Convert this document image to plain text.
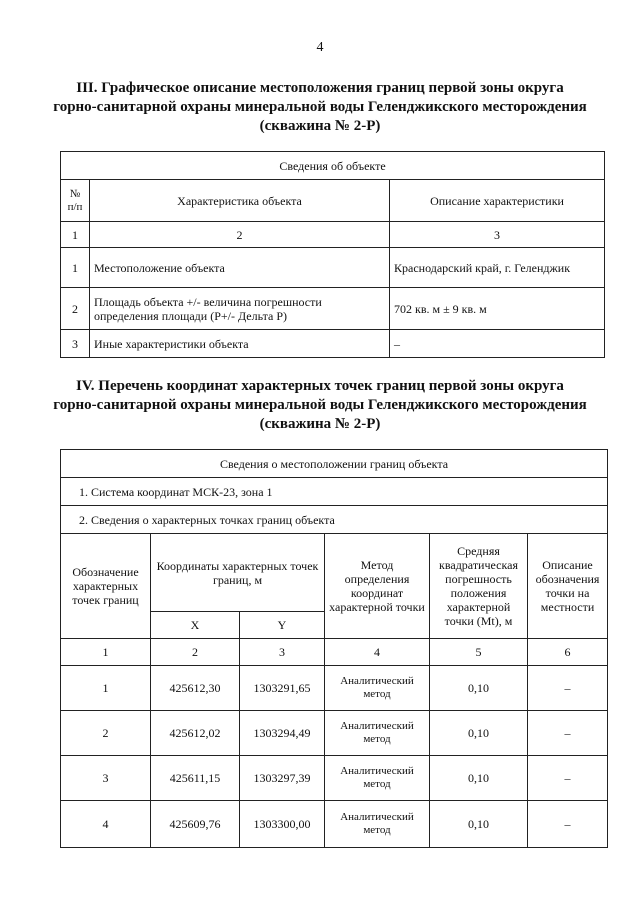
4
III. Графическое описание местоположения границ первой зоны округа
горно-санитарной охраны минеральной воды Геленджикского месторождения
(скважина № 2-Р)
Сведения об объекте		
№ п/п	Характеристика объекта	Описание характеристики
1	2	3
1	Местоположение объекта	Краснодарский край, г. Геленджик
2	Площадь объекта +/- величина погрешности определения площади (P+/- Дельта P)	702 кв. м ± 9 кв. м
3	Иные характеристики объекта	–
IV. Перечень координат характерных точек границ первой зоны округа
горно-санитарной охраны минеральной воды Геленджикского месторождения
(скважина № 2-Р)
Сведения о местоположении границ объекта					
1. Система координат МСК-23, зона 1					
2. Сведения о характерных точках границ объекта					
Обозначение характерных точек границ	Координаты характерных точек границ, м		Метод определения координат характерной точки	Средняя квадратическая погрешность положения характерной точки (Mt), м	Описание обозначения точки на местности
	X	Y			
1	2	3	4	5	6
1	425612,30	1303291,65	Аналитический метод	0,10	–
2	425612,02	1303294,49	Аналитический метод	0,10	–
3	425611,15	1303297,39	Аналитический метод	0,10	–
4	425609,76	1303300,00	Аналитический метод	0,10	–
